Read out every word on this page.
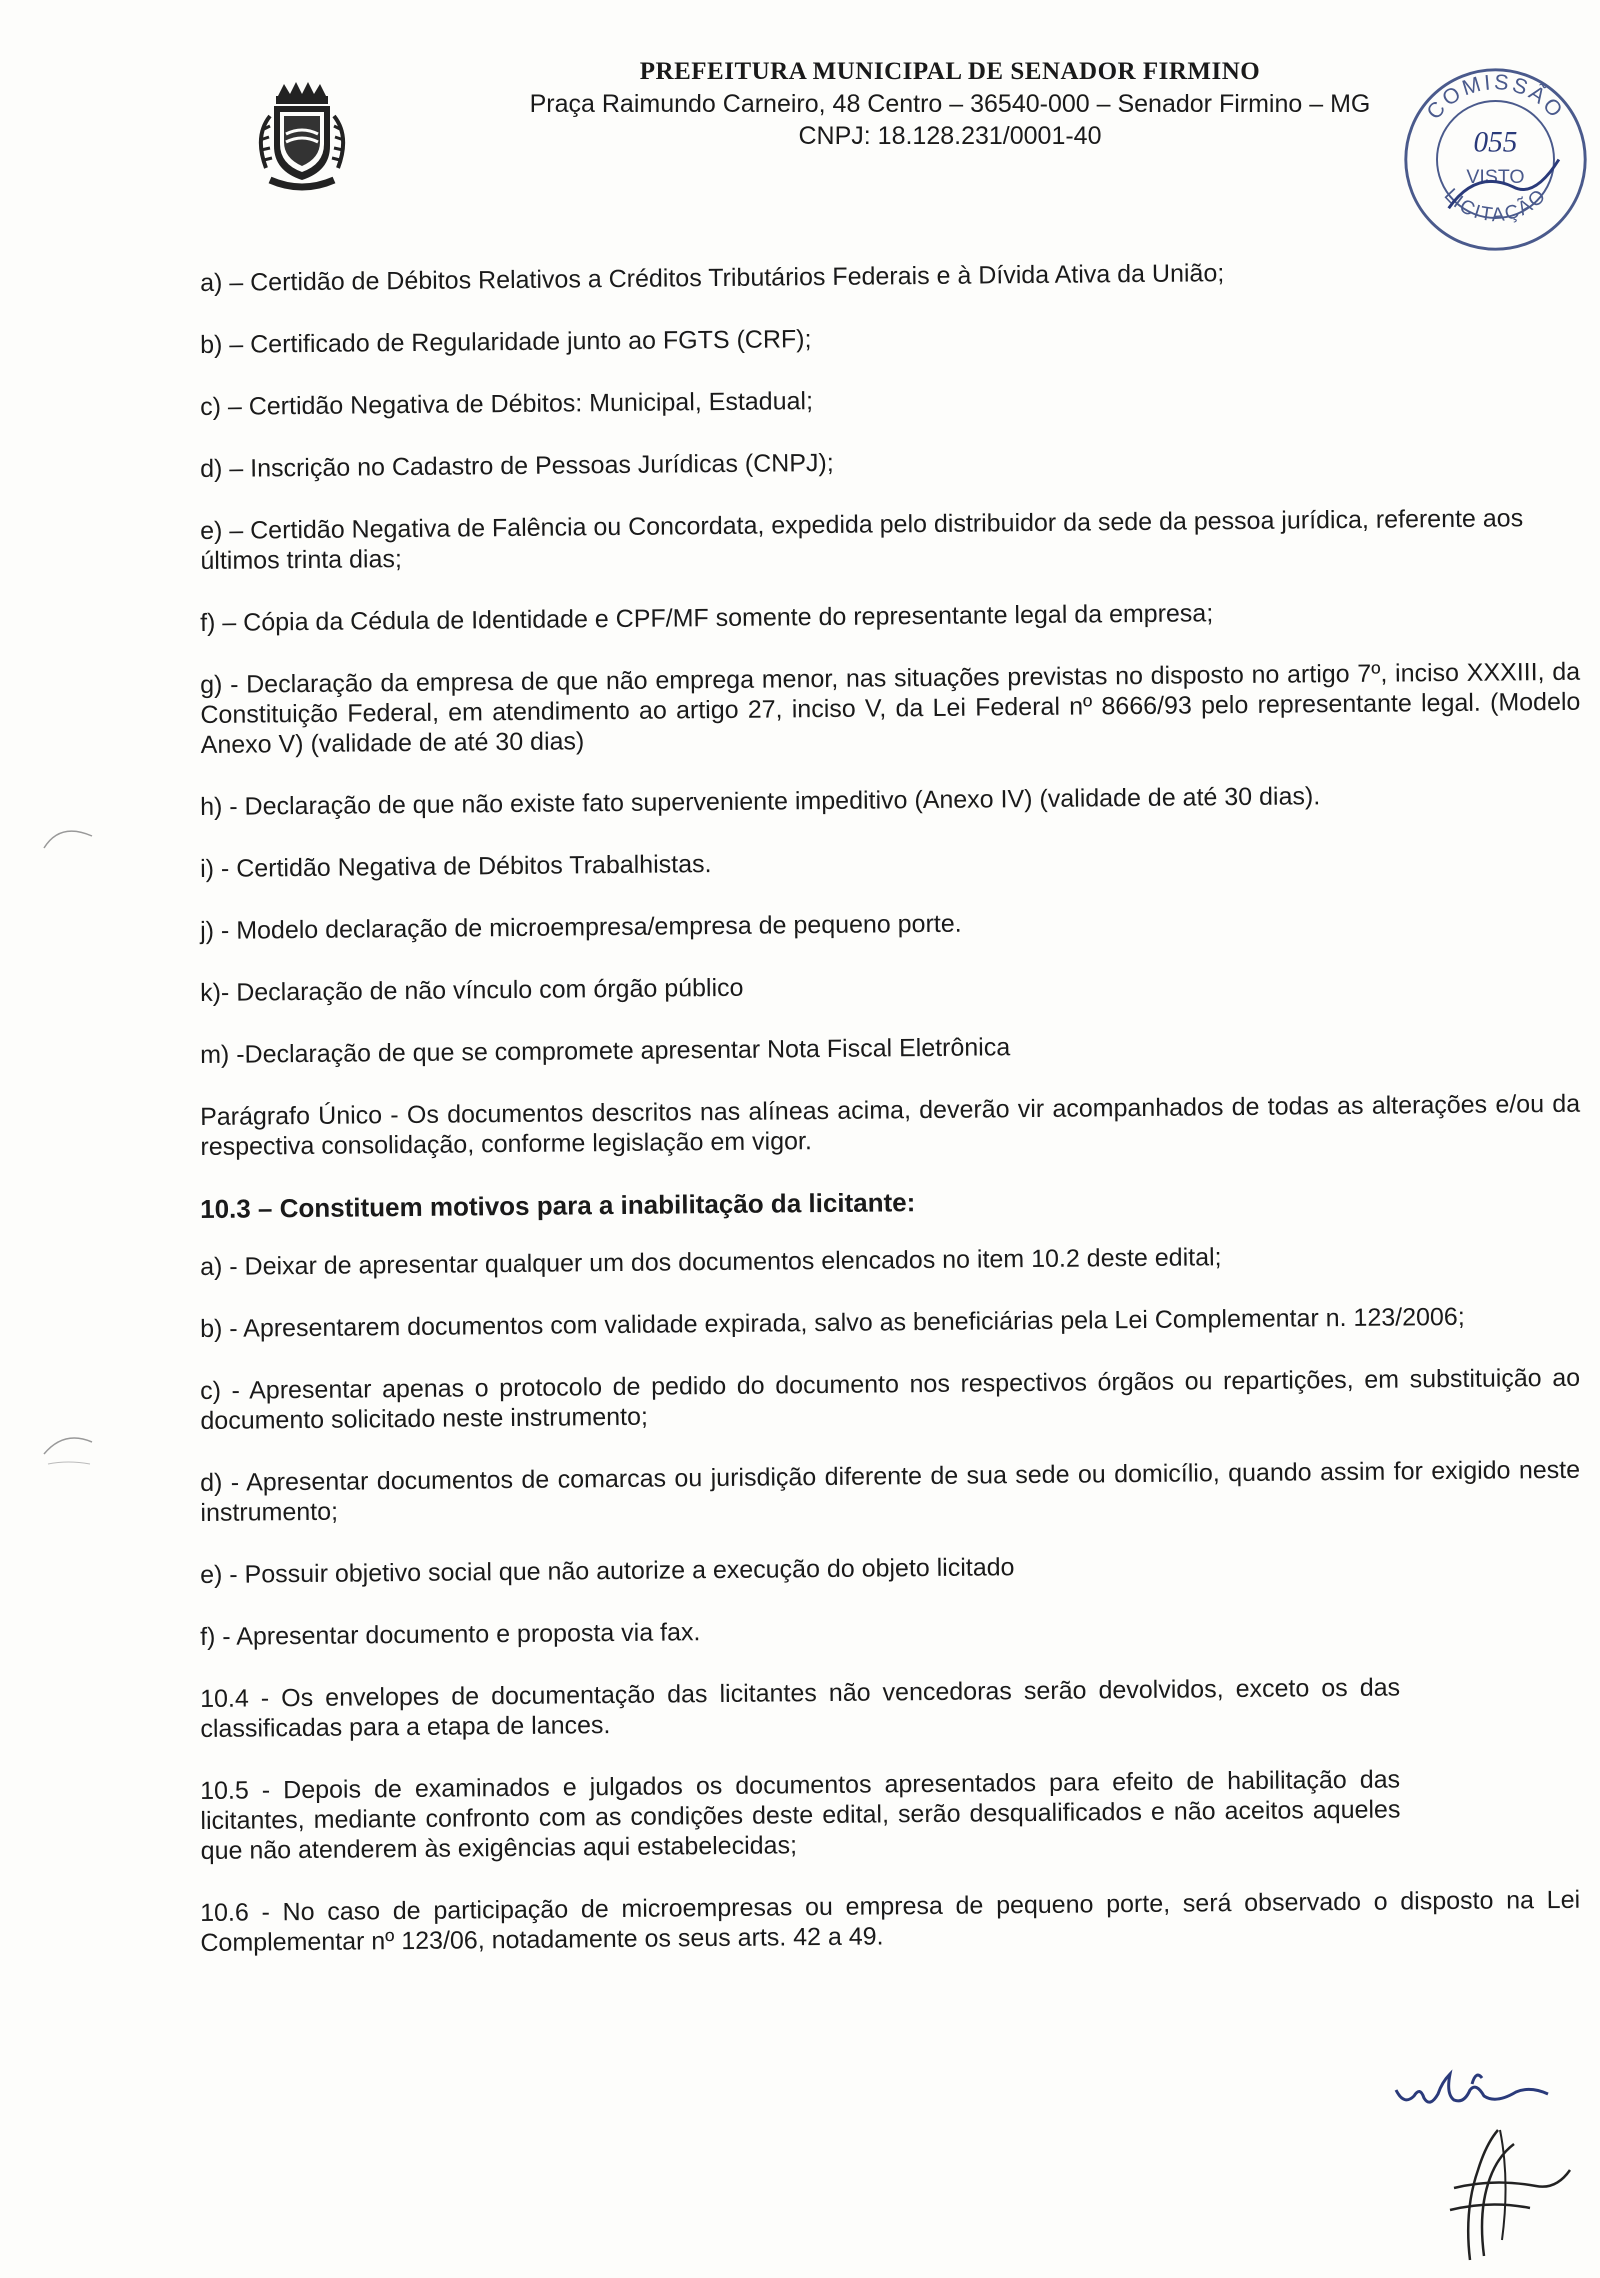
PREFEITURA MUNICIPAL DE SENADOR FIRMINO
Praça Raimundo Carneiro, 48 Centro – 36540-000 – Senador Firmino – MG
CNPJ: 18.128.231/0001-40
COMISSÃO
LICITAÇÃO
055
VISTO
a) – Certidão de Débitos Relativos a Créditos Tributários Federais e à Dívida Ativa da União;
b) – Certificado de Regularidade junto ao FGTS (CRF);
c) – Certidão Negativa de Débitos: Municipal, Estadual;
d) – Inscrição no Cadastro de Pessoas Jurídicas (CNPJ);
e) – Certidão Negativa de Falência ou Concordata, expedida pelo distribuidor da sede da pessoa jurídica, referente aos últimos trinta dias;
f) – Cópia da Cédula de Identidade e CPF/MF somente do representante legal da empresa;
g) - Declaração da empresa de que não emprega menor, nas situações previstas no disposto no artigo 7º, inciso XXXIII, da Constituição Federal, em atendimento ao artigo 27, inciso V, da Lei Federal nº 8666/93 pelo representante legal. (Modelo Anexo V) (validade de até 30 dias)
h) - Declaração de que não existe fato superveniente impeditivo (Anexo IV) (validade de até 30 dias).
i) - Certidão Negativa de Débitos Trabalhistas.
j) - Modelo declaração de microempresa/empresa de pequeno porte.
k)- Declaração de não vínculo com órgão público
m) -Declaração de que se compromete apresentar Nota Fiscal Eletrônica
Parágrafo Único - Os documentos descritos nas alíneas acima, deverão vir acompanhados de todas as alterações e/ou da respectiva consolidação, conforme legislação em vigor.
10.3 – Constituem motivos para a inabilitação da licitante:
a) - Deixar de apresentar qualquer um dos documentos elencados no item 10.2 deste edital;
b) - Apresentarem documentos com validade expirada, salvo as beneficiárias pela Lei Complementar n. 123/2006;
c) - Apresentar apenas o protocolo de pedido do documento nos respectivos órgãos ou repartições, em substituição ao documento solicitado neste instrumento;
d) - Apresentar documentos de comarcas ou jurisdição diferente de sua sede ou domicílio, quando assim for exigido neste instrumento;
e) - Possuir objetivo social que não autorize a execução do objeto licitado
f) - Apresentar documento e proposta via fax.
10.4 - Os envelopes de documentação das licitantes não vencedoras serão devolvidos, exceto os das classificadas para a etapa de lances.
10.5 - Depois de examinados e julgados os documentos apresentados para efeito de habilitação das licitantes, mediante confronto com as condições deste edital, serão desqualificados e não aceitos aqueles que não atenderem às exigências aqui estabelecidas;
10.6 - No caso de participação de microempresas ou empresa de pequeno porte, será observado o disposto na Lei Complementar nº 123/06, notadamente os seus arts. 42 a 49.
